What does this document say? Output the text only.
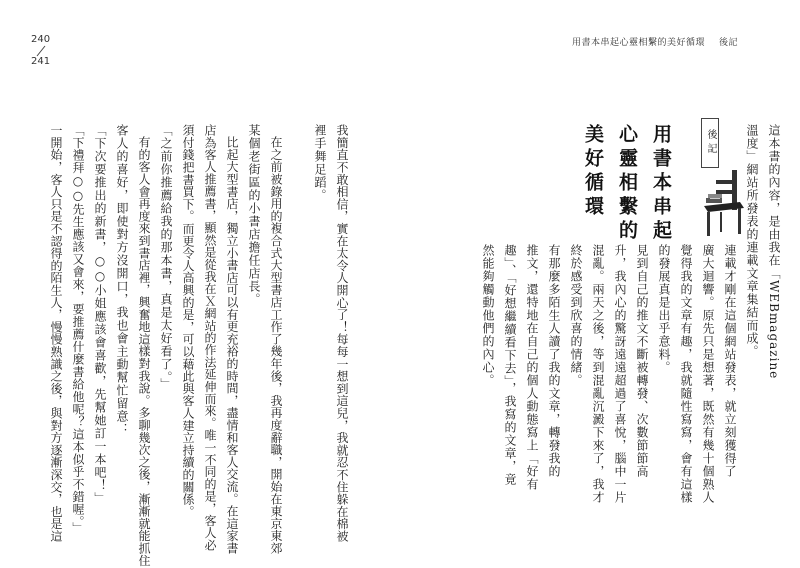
240
241
用書本串起心靈相繫的美好循環 後記
後記
用書本串起
心靈相繫的
美好循環	這本書的內容，是由我在「WEBmagazine
溫度」網站所發表的連載文章集結而成。
連載才剛在這個網站發表，就立刻獲得了
廣大迴響。原先只是想著，既然有幾十個熟人
覺得我的文章有趣，我就隨性寫寫，會有這樣
的發展真是出乎意料。
見到自己的推文不斷被轉發、次數節節高
升，我內心的驚訝遠遠超過了喜悅，腦中一片
混亂。兩天之後，等到混亂沉澱下來了，我才
終於感受到欣喜的情緒。
有那麼多陌生人讀了我的文章，轉發我的
推文，還特地在自己的個人動態寫上「好有
趣」、「好想繼續看下去」，我寫的文章，竟
然能夠觸動他們的內心。
我簡直不敢相信，實在太令人開心了！每每一想到這兒，我就忍不住躲在棉被
裡手舞足蹈。
在之前被錄用的複合式大型書店工作了幾年後，我再度辭職，開始在東京東郊
某個老街區的小書店擔任店長。
比起大型書店，獨立小書店可以有更充裕的時間，盡情和客人交流。在這家書
店為客人推薦書，顯然是從我在Ｘ網站的作法延伸而來。唯一不同的是，客人必
須付錢把書買下。而更令人高興的是，可以藉此與客人建立持續的關係。
「之前你推薦給我的那本書，真是太好看了。」
有的客人會再度來到書店裡，興奮地這樣對我說。多聊幾次之後，漸漸就能抓住
客人的喜好，即使對方沒開口，我也會主動幫忙留意：
「下次要推出的新書，○○小姐應該會喜歡，先幫她訂一本吧！」
「下禮拜○○先生應該又會來，要推薦什麼書給他呢？這本似乎不錯喔。」
一開始，客人只是不認得的陌生人，慢慢熟識之後，與對方逐漸深交，也是這
